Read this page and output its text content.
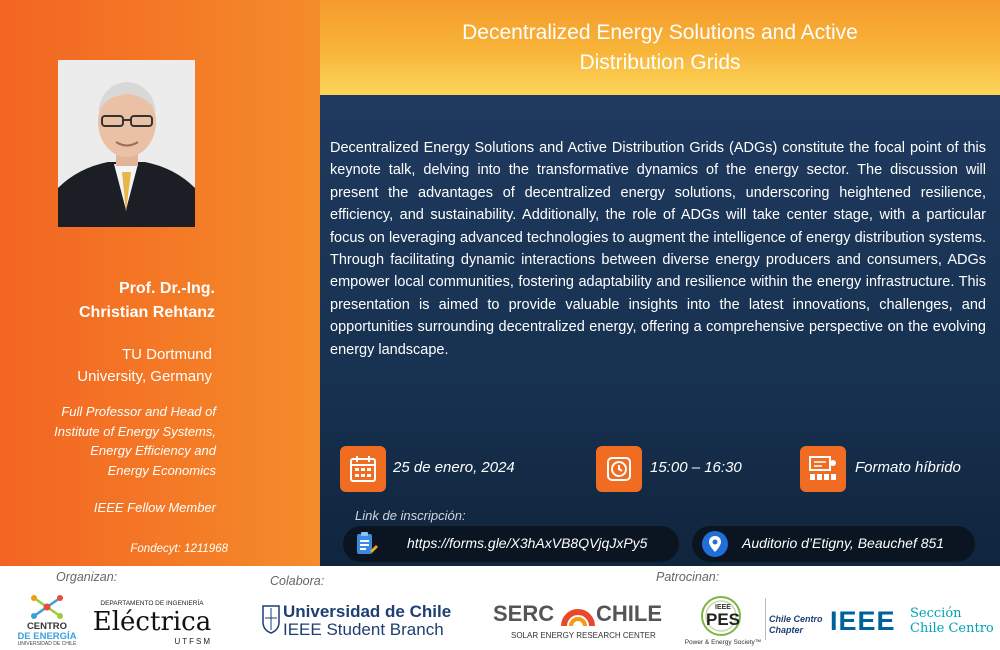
Prof. Dr.-Ing.
Christian Rehtanz
TU Dortmund
University, Germany
Full Professor and Head of
Institute of Energy Systems,
Energy Efficiency and
Energy Economics
IEEE Fellow Member
Fondecyt: 1211968
Decentralized Energy Solutions and Active
Distribution Grids

Decentralized Energy Solutions and Active Distribution Grids (ADGs) constitute the focal point of this keynote talk, delving into the transformative dynamics of the energy sector. The discussion will present the advantages of decentralized energy solutions, underscoring heightened resilience, efficiency, and sustainability. Additionally, the role of ADGs will take center stage, with a particular focus on leveraging advanced technologies to augment the intelligence of energy distribution systems. Through facilitating dynamic interactions between diverse energy producers and consumers, ADGs empower local communities, fostering adaptability and resilience within the energy infrastructure. This presentation is aimed to provide valuable insights into the latest innovations, challenges, and opportunities surrounding decentralized energy, offering a comprehensive perspective on the evolving energy landscape.

25 de enero, 2024	15:00 – 16:30	Formato híbrido
Link de inscripción:
https://forms.gle/X3hAxVB8QVjqJxPy5	Auditorio d’Etigny, Beauchef 851
Organizan:	Colabora:	Patrocinan:
CENTRO
DE ENERGÍA
UNIVERSIDAD DE CHILE
DEPARTAMENTO DE INGENIERÍA
Eléctrica
UTFSM
Universidad de Chile
IEEE Student Branch
SERC CHILE
SOLAR ENERGY RESEARCH CENTER
IEEE
PES
Power & Energy Society™
Chile Centro
Chapter IEEE Sección
Chile Centro
